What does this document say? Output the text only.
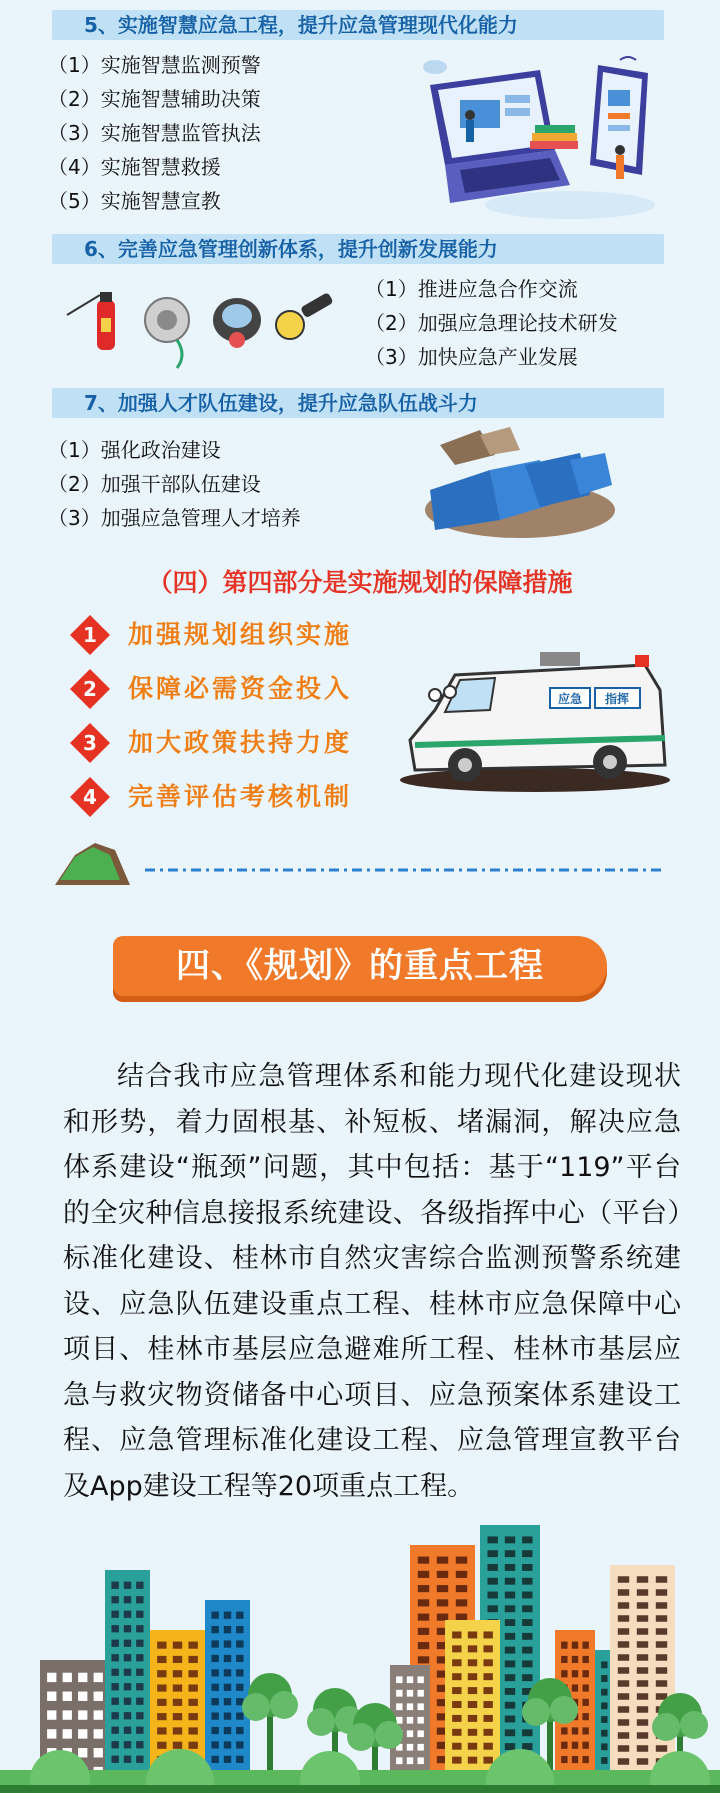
5、实施智慧应急工程，提升应急管理现代化能力
（1）实施智慧监测预警
（2）实施智慧辅助决策
（3）实施智慧监管执法
（4）实施智慧救援
（5）实施智慧宣教
6、完善应急管理创新体系，提升创新发展能力
（1）推进应急合作交流
（2）加强应急理论技术研发
（3）加快应急产业发展
7、加强人才队伍建设，提升应急队伍战斗力
（1）强化政治建设
（2）加强干部队伍建设
（3）加强应急管理人才培养
（四）第四部分是实施规划的保障措施
1 加强规划组织实施
2 保障必需资金投入
3 加大政策扶持力度
4 完善评估考核机制
应急 指挥
四、《规划》的重点工程

结合我市应急管理体系和能力现代化建设现状和形势，着力固根基、补短板、堵漏洞，解决应急体系建设“瓶颈”问题，其中包括：基于“119”平台的全灾种信息接报系统建设、各级指挥中心（平台）标准化建设、桂林市自然灾害综合监测预警系统建设、应急队伍建设重点工程、桂林市应急保障中心项目、桂林市基层应急避难所工程、桂林市基层应急与救灾物资储备中心项目、应急预案体系建设工程、应急管理标准化建设工程、应急管理宣教平台及App建设工程等20项重点工程。
